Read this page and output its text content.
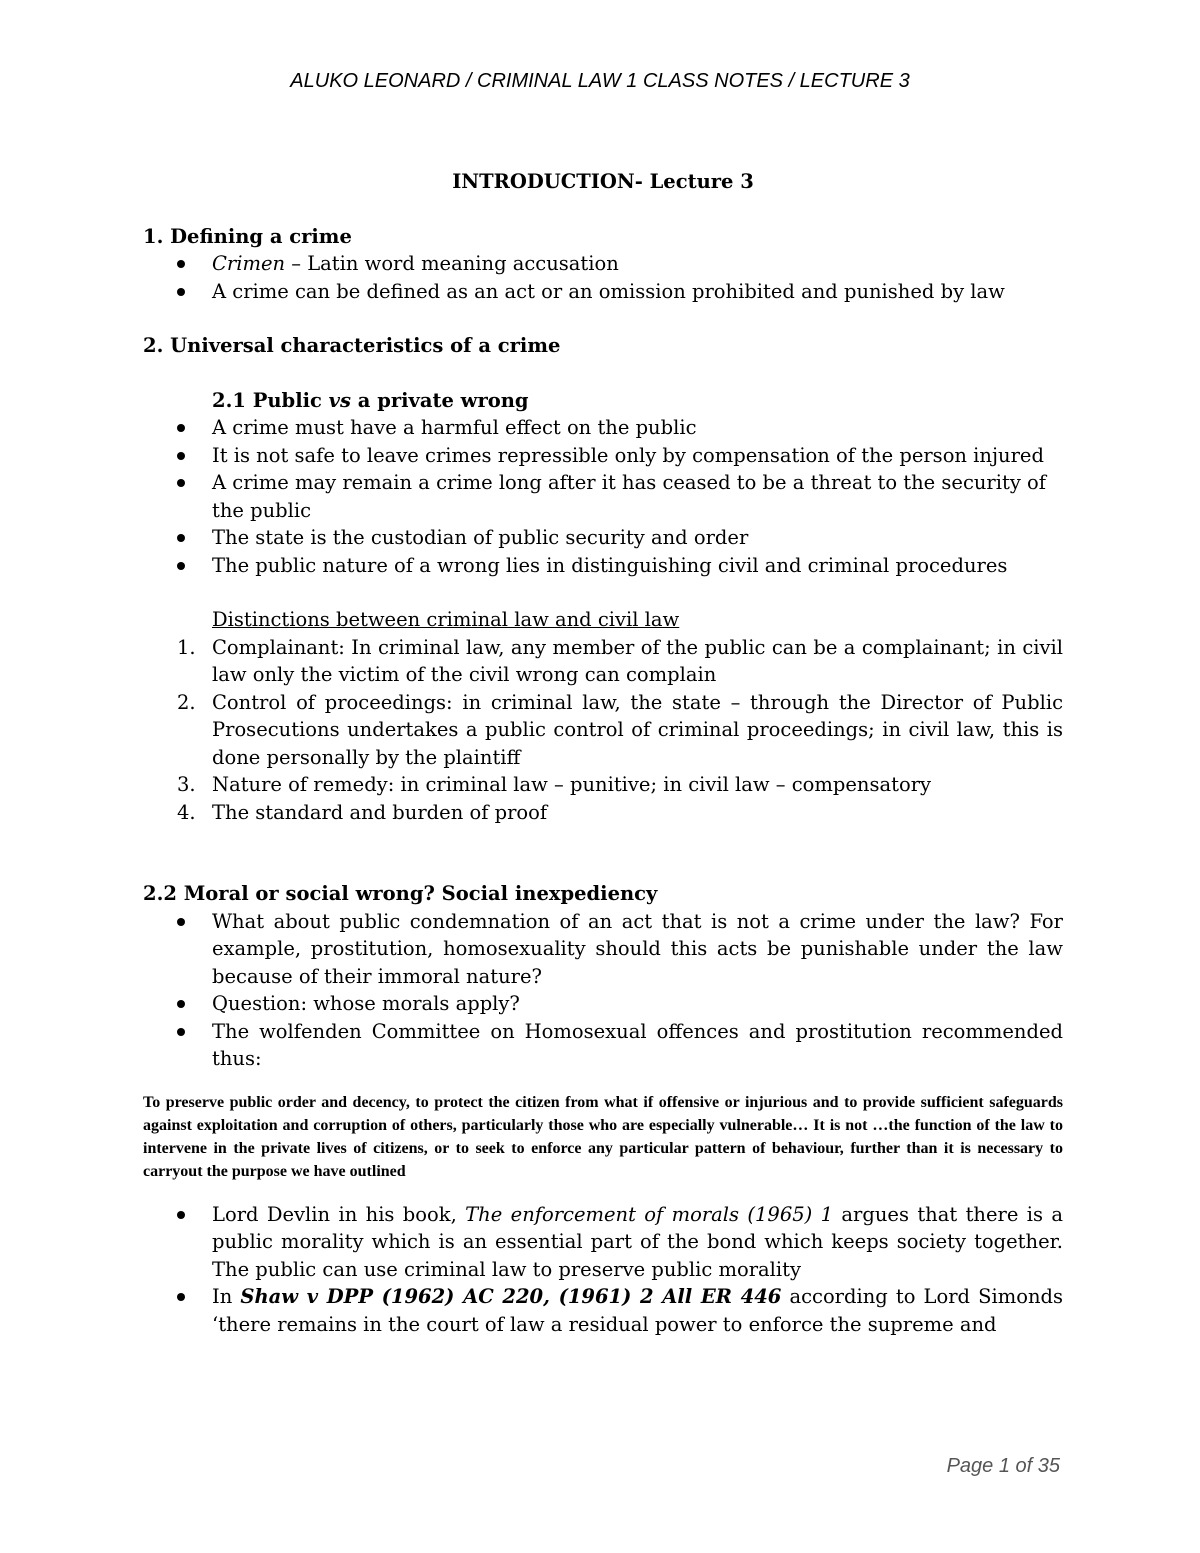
ALUKO LEONARD / CRIMINAL LAW 1 CLASS NOTES / LECTURE 3
INTRODUCTION- Lecture 3
1. Defining a crime
Crimen – Latin word meaning accusation
A crime can be defined as an act or an omission prohibited and punished by law
2. Universal characteristics of a crime
2.1 Public vs a private wrong
A crime must have a harmful effect on the public
It is not safe to leave crimes repressible only by compensation of the person injured
A crime may remain a crime long after it has ceased to be a threat to the security of the public
The state is the custodian of public security and order
The public nature of a wrong lies in distinguishing civil and criminal procedures
Distinctions between criminal law and civil law
1. Complainant: In criminal law, any member of the public can be a complainant; in civil law only the victim of the civil wrong can complain
2. Control of proceedings: in criminal law, the state – through the Director of Public Prosecutions undertakes a public control of criminal proceedings; in civil law, this is done personally by the plaintiff
3. Nature of remedy: in criminal law – punitive; in civil law – compensatory
4. The standard and burden of proof
2.2 Moral or social wrong? Social inexpediency
What about public condemnation of an act that is not a crime under the law? For example, prostitution, homosexuality should this acts be punishable under the law because of their immoral nature?
Question: whose morals apply?
The wolfenden Committee on Homosexual offences and prostitution recommended thus:

To preserve public order and decency, to protect the citizen from what if offensive or injurious and to provide sufficient safeguards against exploitation and corruption of others, particularly those who are especially vulnerable… It is not …the function of the law to intervene in the private lives of citizens, or to seek to enforce any particular pattern of behaviour, further than it is necessary to carryout the purpose we have outlined

Lord Devlin in his book, The enforcement of morals (1965) 1 argues that there is a public morality which is an essential part of the bond which keeps society together. The public can use criminal law to preserve public morality
In Shaw v DPP (1962) AC 220, (1961) 2 All ER 446 according to Lord Simonds ‘there remains in the court of law a residual power to enforce the supreme and
Page 1 of 35
